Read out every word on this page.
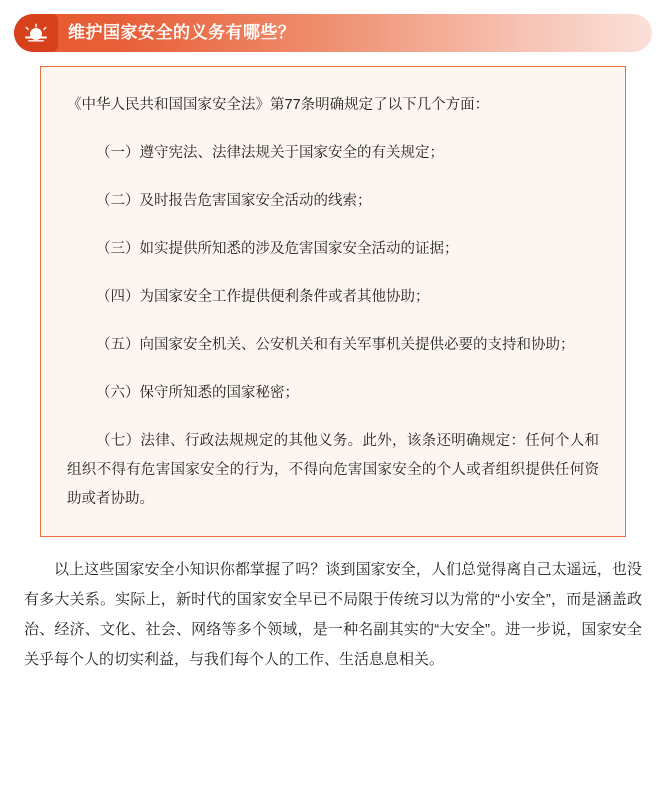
维护国家安全的义务有哪些？

《中华人民共和国国家安全法》第77条明确规定了以下几个方面：

（一）遵守宪法、法律法规关于国家安全的有关规定；

（二）及时报告危害国家安全活动的线索；

（三）如实提供所知悉的涉及危害国家安全活动的证据；

（四）为国家安全工作提供便利条件或者其他协助；

（五）向国家安全机关、公安机关和有关军事机关提供必要的支持和协助；

（六）保守所知悉的国家秘密；

（七）法律、行政法规规定的其他义务。此外，该条还明确规定：任何个人和组织不得有危害国家安全的行为，不得向危害国家安全的个人或者组织提供任何资助或者协助。

以上这些国家安全小知识你都掌握了吗？谈到国家安全，人们总觉得离自己太遥远，也没有多大关系。实际上，新时代的国家安全早已不局限于传统习以为常的“小安全”，而是涵盖政治、经济、文化、社会、网络等多个领域，是一种名副其实的“大安全”。进一步说，国家安全关乎每个人的切实利益，与我们每个人的工作、生活息息相关。
